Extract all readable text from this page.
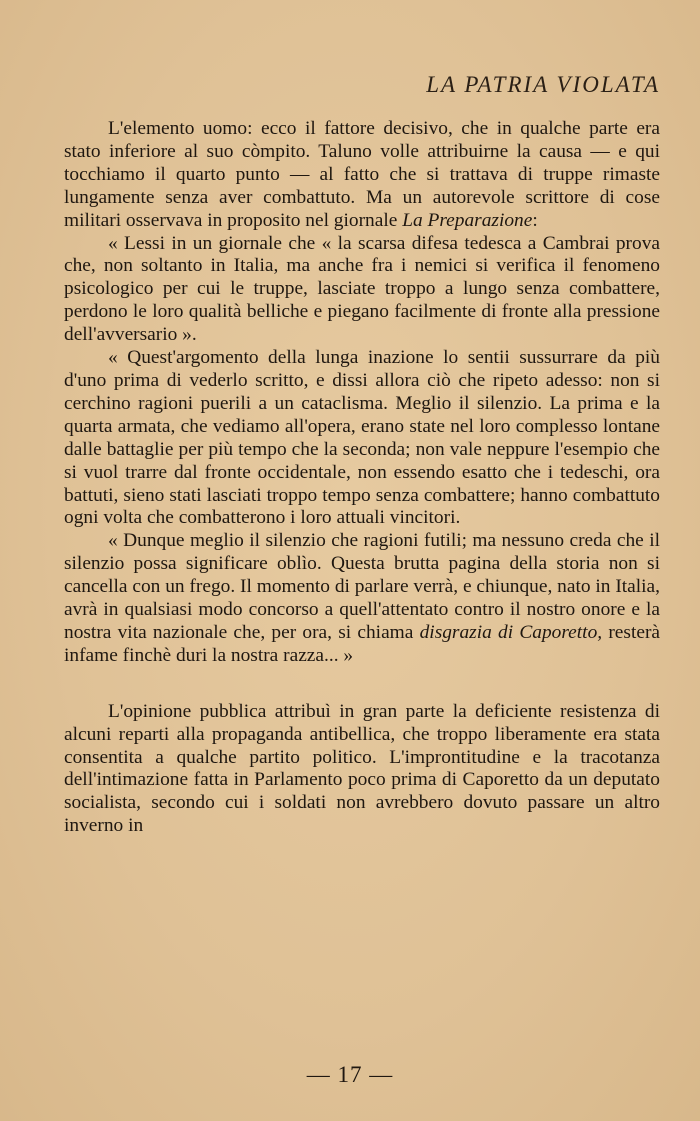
LA PATRIA VIOLATA

L'elemento uomo: ecco il fattore decisivo, che in qualche parte era stato inferiore al suo còmpito. Taluno volle attribuirne la causa — e qui tocchiamo il quarto punto — al fatto che si trattava di truppe rimaste lungamente senza aver combattuto. Ma un autorevole scrittore di cose militari osservava in proposito nel giornale La Preparazione:

« Lessi in un giornale che « la scarsa difesa tedesca a Cambrai prova che, non soltanto in Italia, ma anche fra i nemici si verifica il fenomeno psicologico per cui le truppe, lasciate troppo a lungo senza combattere, perdono le loro qualità belliche e piegano facilmente di fronte alla pressione dell'avversario ».

« Quest'argomento della lunga inazione lo sentii sussurrare da più d'uno prima di vederlo scritto, e dissi allora ciò che ripeto adesso: non si cerchino ragioni puerili a un cataclisma. Meglio il silenzio. La prima e la quarta armata, che vediamo all'opera, erano state nel loro complesso lontane dalle battaglie per più tempo che la seconda; non vale neppure l'esempio che si vuol trarre dal fronte occidentale, non essendo esatto che i tedeschi, ora battuti, sieno stati lasciati troppo tempo senza combattere; hanno combattuto ogni volta che combatterono i loro attuali vincitori.

« Dunque meglio il silenzio che ragioni futili; ma nessuno creda che il silenzio possa significare oblìo. Questa brutta pagina della storia non si cancella con un frego. Il momento di parlare verrà, e chiunque, nato in Italia, avrà in qualsiasi modo concorso a quell'attentato contro il nostro onore e la nostra vita nazionale che, per ora, si chiama disgrazia di Caporetto, resterà infame finchè duri la nostra razza... »

L'opinione pubblica attribuì in gran parte la deficiente resistenza di alcuni reparti alla propaganda antibellica, che troppo liberamente era stata consentita a qualche partito politico. L'improntitudine e la tracotanza dell'intimazione fatta in Parlamento poco prima di Caporetto da un deputato socialista, secondo cui i soldati non avrebbero dovuto passare un altro inverno in

— 17 —
